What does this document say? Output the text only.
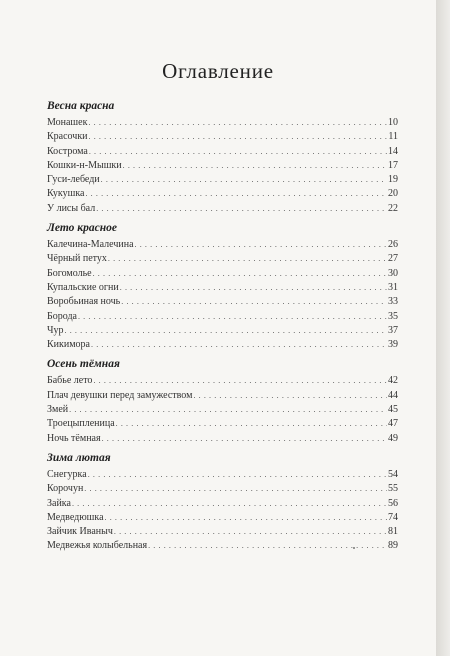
Оглавление
Весна красна
Монашек . . .	10
Красочки . . .	11
Кострома . . .	14
Кошки-н-Мышки . . .	17
Гуси-лебеди . . .	19
Кукушка . . .	20
У лисы бал . . .	22
Лето красное
Калечина-Малечина . . .	26
Чёрный петух . . .	27
Богомолье . . .	30
Купальские огни . . .	31
Воробьиная ночь . . .	33
Борода . . .	35
Чур . . .	37
Кикимора . . .	39
Осень тёмная
Бабье лето . . .	42
Плач девушки перед замужеством . . .	44
Змей . . .	45
Троецыпленица . . .	47
Ночь тёмная . . .	49
Зима лютая
Снегурка . . .	54
Корочун . . .	55
Зайка . . .	56
Медведюшка . . .	74
Зайчик Иваныч . . .	81
Медвежья колыбельная . . .	89
